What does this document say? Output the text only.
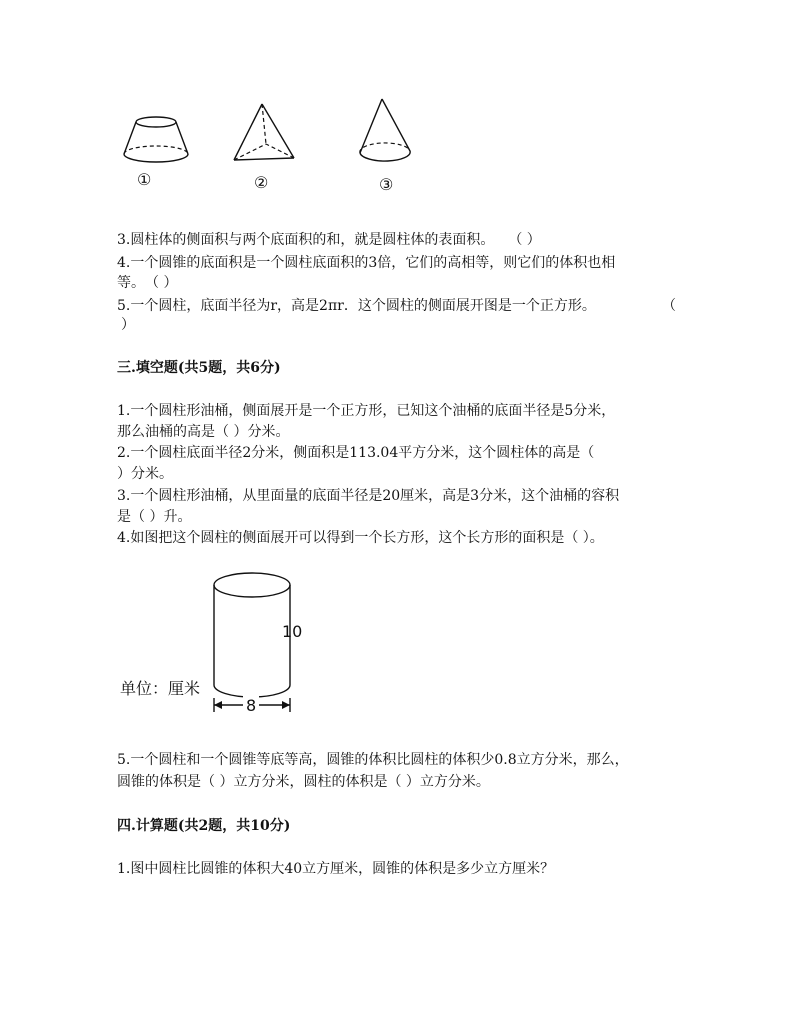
①	②	③
3.圆柱体的侧面积与两个底面积的和，就是圆柱体的表面积。　　（ ）
4.一个圆锥的底面积是一个圆柱底面积的3倍，它们的高相等，则它们的体积也相
等。　（ ）
5.一个圆柱，底面半径为r，高是2πr．这个圆柱的侧面展开图是一个正方形。	（
）
三.填空题(共5题，共6分)
1.一个圆柱形油桶，侧面展开是一个正方形，已知这个油桶的底面半径是5分米，
那么油桶的高是（ ）分米。
2.一个圆柱底面半径2分米，侧面积是113.04平方分米，这个圆柱体的高是（
）分米。
3.一个圆柱形油桶，从里面量的底面半径是20厘米，高是3分米，这个油桶的容积
是（ ）升。
4.如图把这个圆柱的侧面展开可以得到一个长方形，这个长方形的面积是（ ）。
10
8
单位：厘米
5.一个圆柱和一个圆锥等底等高，圆锥的体积比圆柱的体积少0.8立方分米，那么，
圆锥的体积是（ ）立方分米，圆柱的体积是（ ）立方分米。
四.计算题(共2题，共10分)
1.图中圆柱比圆锥的体积大40立方厘米，圆锥的体积是多少立方厘米？
